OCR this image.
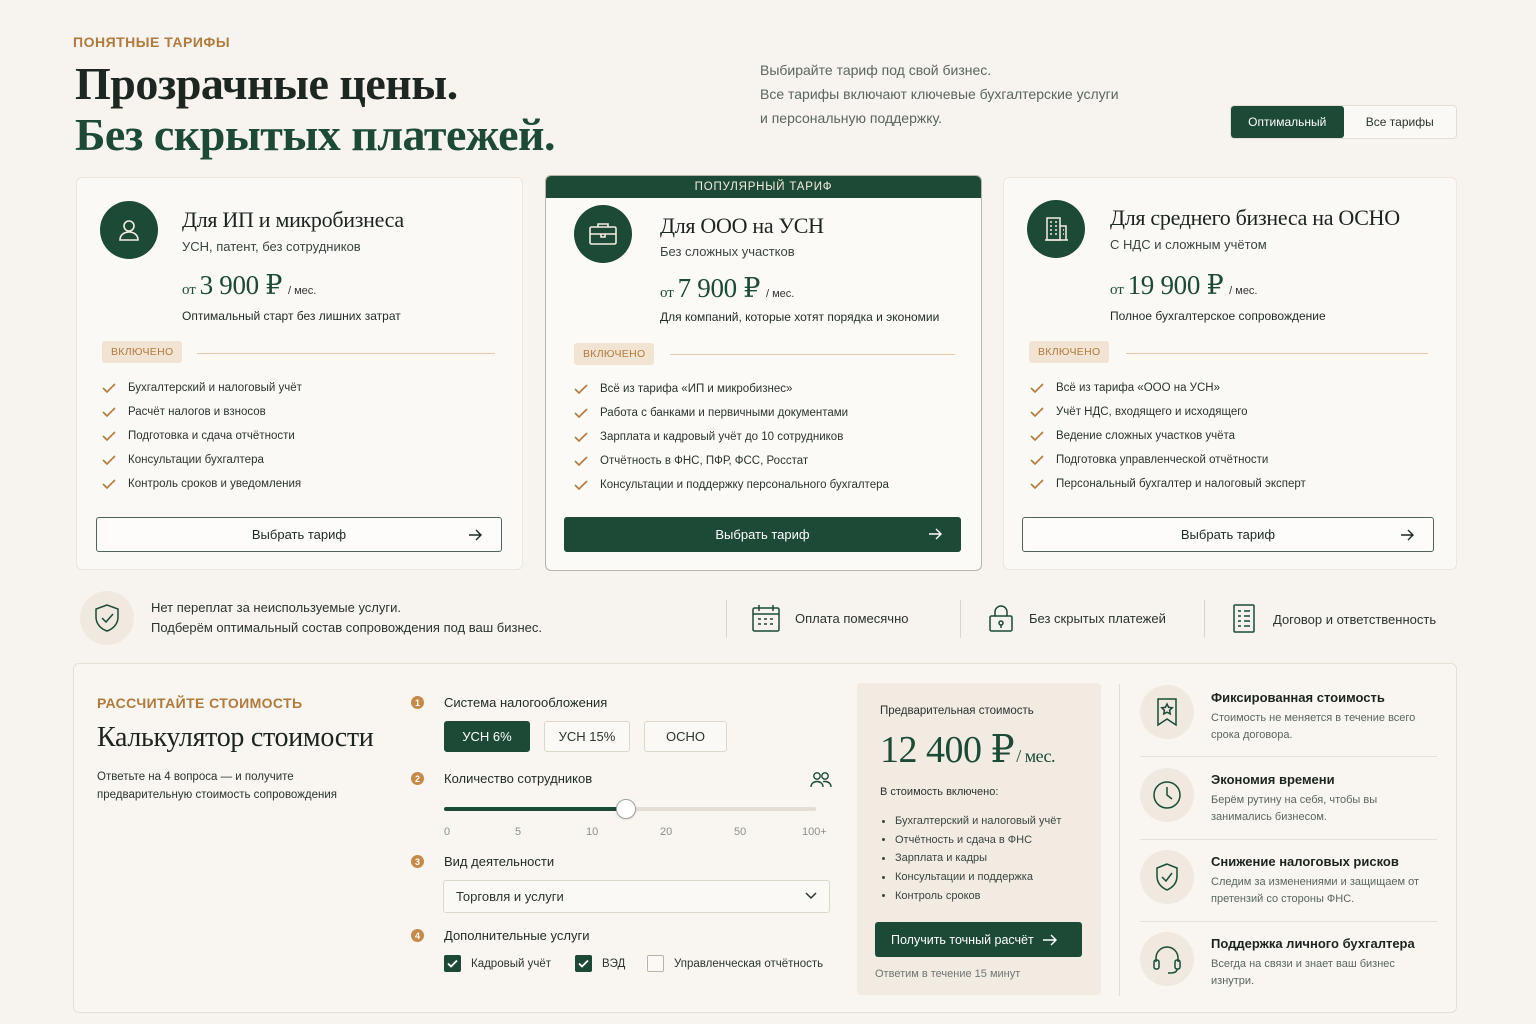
ПОНЯТНЫЕ ТАРИФЫ
Прозрачные цены.
Без скрытых платежей.
Выбирайте тариф под свой бизнес.
Все тарифы включают ключевые бухгалтерские услуги
и персональную поддержку.	Оптимальный	Все тарифы
Для ИП и микробизнеса
УСН, патент, без сотрудников
от 3 900 ₽ / мес.
Оптимальный старт без лишних затрат
ВКЛЮЧЕНО
Бухгалтерский и налоговый учёт
Расчёт налогов и взносов
Подготовка и сдача отчётности
Консультации бухгалтера
Контроль сроков и уведомления
Выбрать тариф
ПОПУЛЯРНЫЙ ТАРИФ
Для ООО на УСН
Без сложных участков
от 7 900 ₽ / мес.
Для компаний, которые хотят порядка и экономии
ВКЛЮЧЕНО
Всё из тарифа «ИП и микробизнес»
Работа с банками и первичными документами
Зарплата и кадровый учёт до 10 сотрудников
Отчётность в ФНС, ПФР, ФСС, Росстат
Консультации и поддержку персонального бухгалтера
Выбрать тариф
Для среднего бизнеса на ОСНО
С НДС и сложным учётом
от 19 900 ₽ / мес.
Полное бухгалтерское сопровождение
ВКЛЮЧЕНО
Всё из тарифа «ООО на УСН»
Учёт НДС, входящего и исходящего
Ведение сложных участков учёта
Подготовка управленческой отчётности
Персональный бухгалтер и налоговый эксперт
Выбрать тариф
Нет переплат за неиспользуемые услуги.
Подберём оптимальный состав сопровождения под ваш бизнес.
Оплата помесячно	Без скрытых платежей	Договор и ответственность
РАССЧИТАЙТЕ СТОИМОСТЬ
Калькулятор стоимости
Ответьте на 4 вопроса — и получите предварительную стоимость сопровождения
1	Система налогообложения
УСН 6%	УСН 15%	ОСНО
2	Количество сотрудников
0	5	10	20	50	100+
3	Вид деятельности
Торговля и услуги
4	Дополнительные услуги
Кадровый учёт	ВЭД	Управленческая отчётность
Предварительная стоимость
12 400 ₽ / мес.
В стоимость включено:
Бухгалтерский и налоговый учёт
Отчётность и сдача в ФНС
Зарплата и кадры
Консультации и поддержка
Контроль сроков
Получить точный расчёт
Ответим в течение 15 минут
Фиксированная стоимость
Стоимость не меняется в течение всего срока договора.
Экономия времени
Берём рутину на себя, чтобы вы занимались бизнесом.
Снижение налоговых рисков
Следим за изменениями и защищаем от претензий со стороны ФНС.
Поддержка личного бухгалтера
Всегда на связи и знает ваш бизнес изнутри.
